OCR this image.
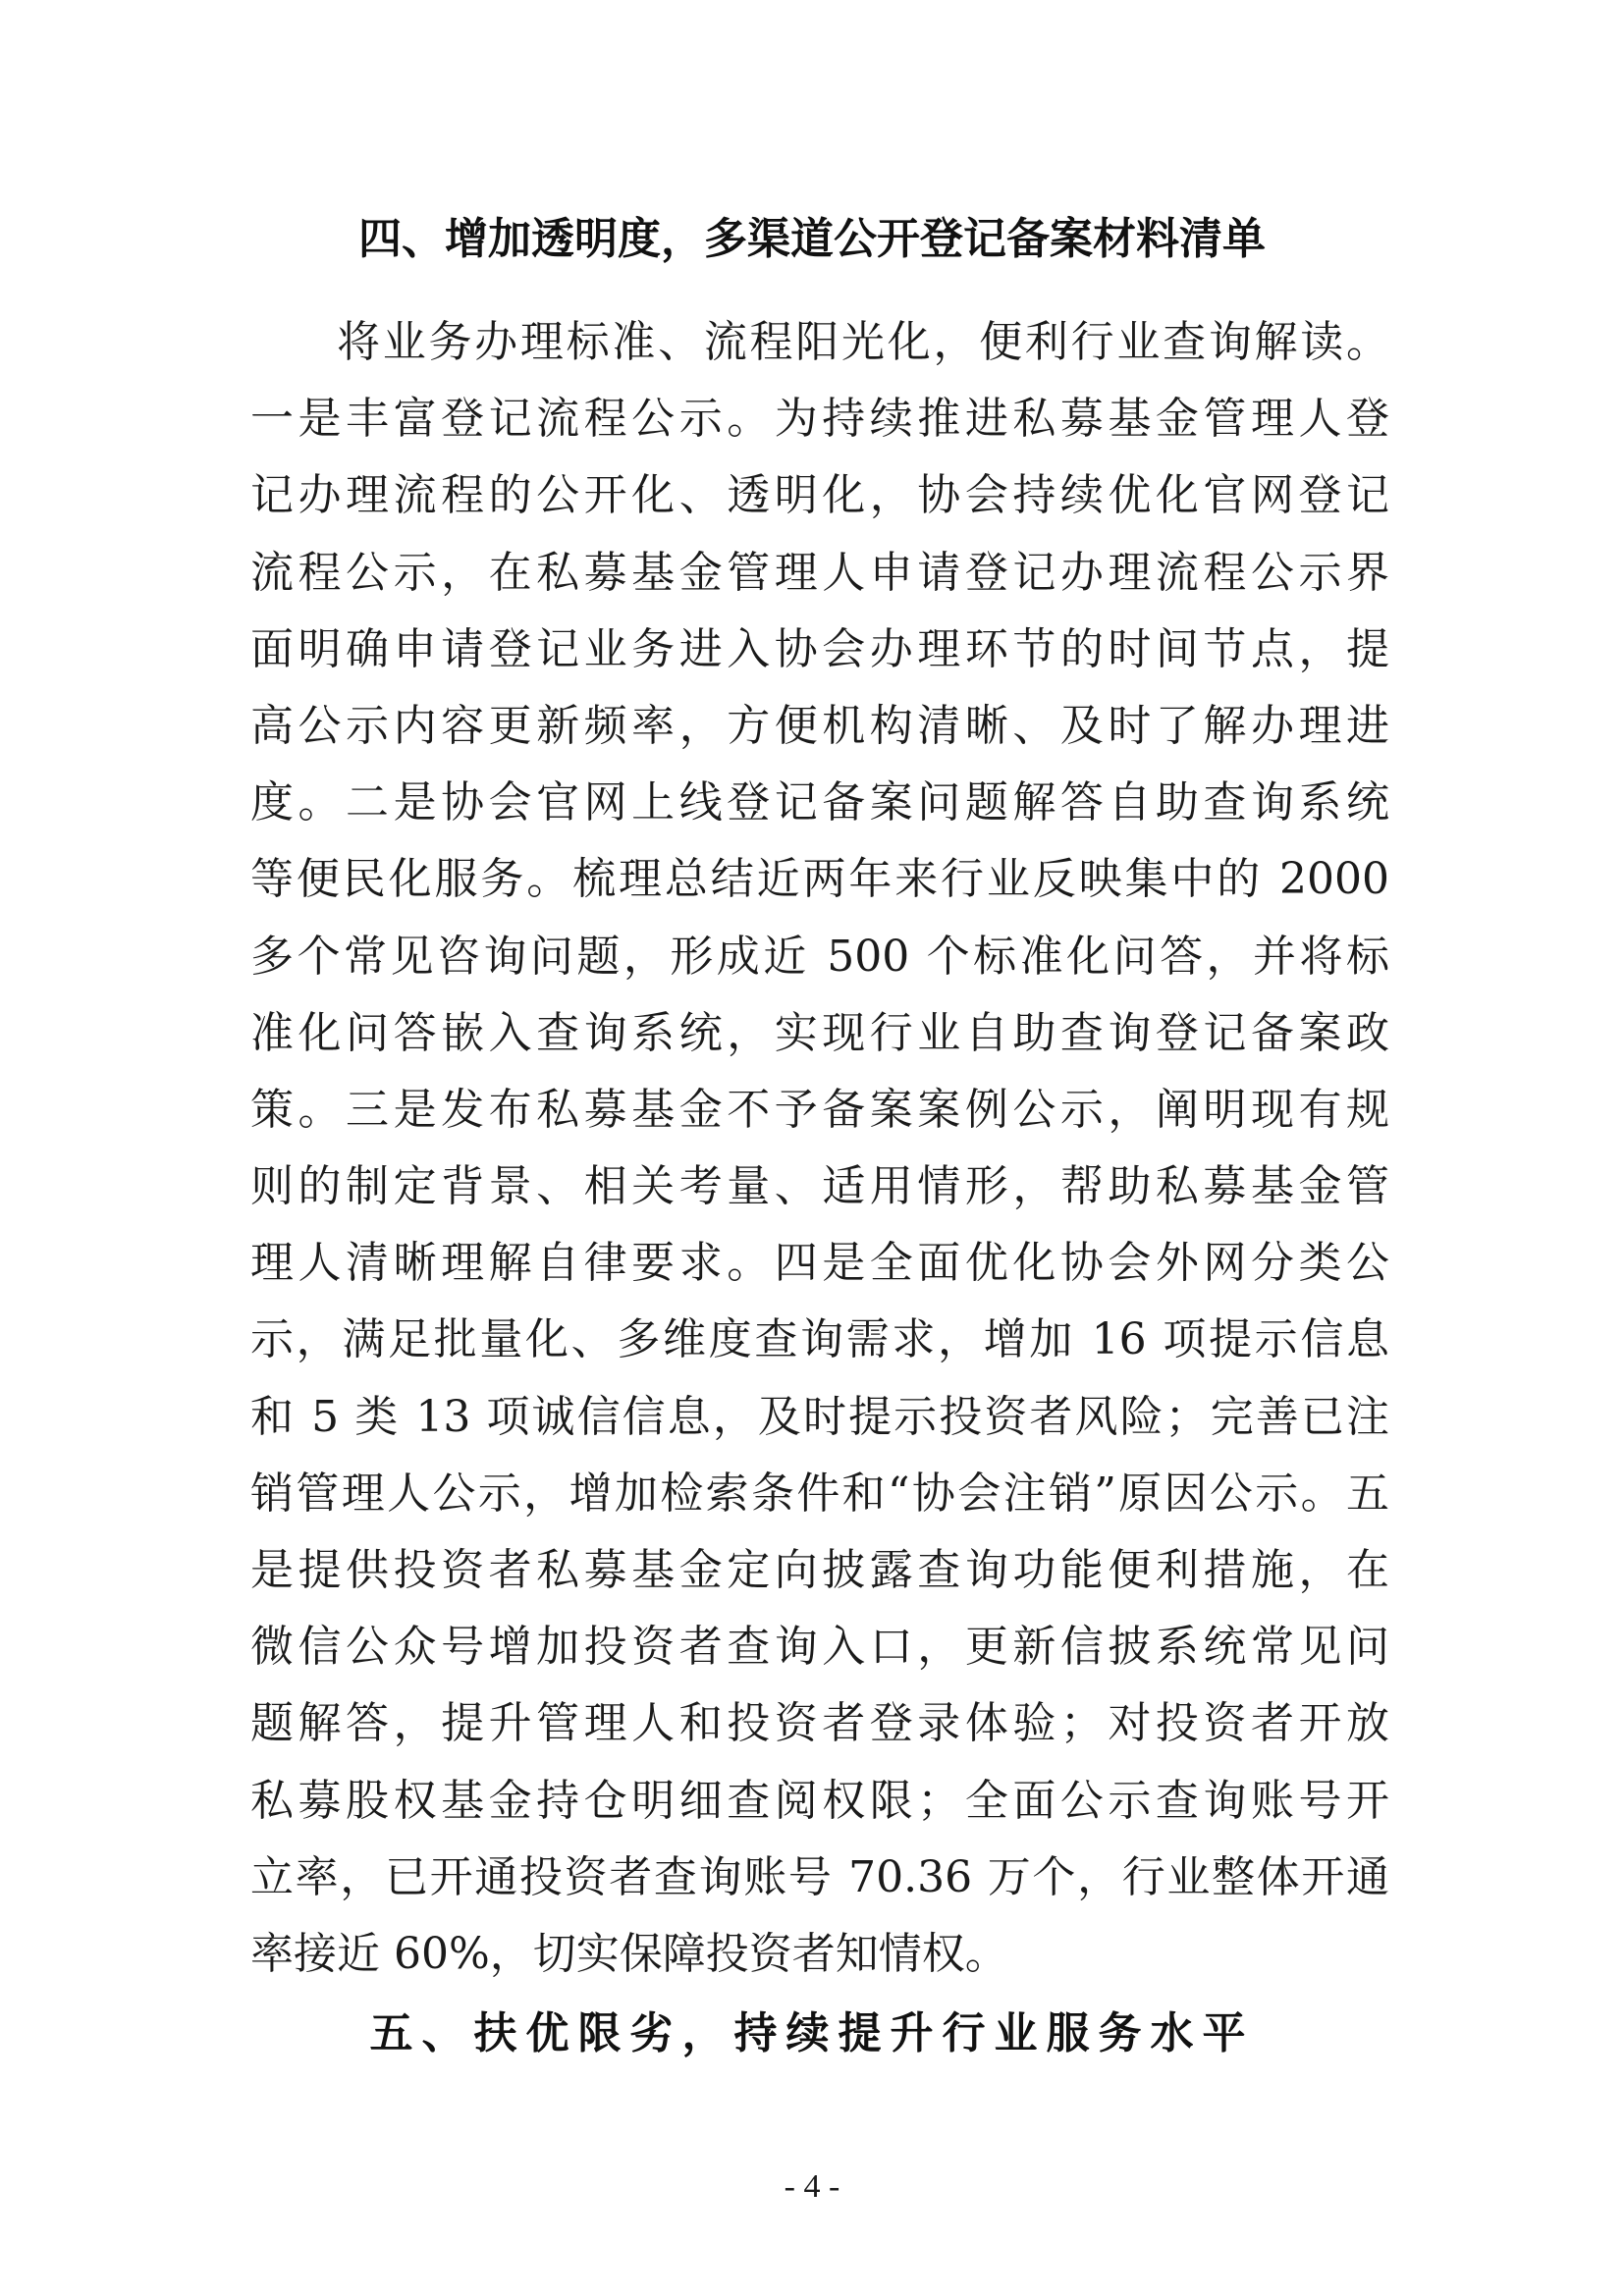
四、增加透明度，多渠道公开登记备案材料清单
将业务办理标准、流程阳光化，便利行业查询解读。
一是丰富登记流程公示。为持续推进私募基金管理人登
记办理流程的公开化、透明化，协会持续优化官网登记
流程公示，在私募基金管理人申请登记办理流程公示界
面明确申请登记业务进入协会办理环节的时间节点，提
高公示内容更新频率，方便机构清晰、及时了解办理进
度。二是协会官网上线登记备案问题解答自助查询系统
等便民化服务。梳理总结近两年来行业反映集中的 2000
多个常见咨询问题，形成近 500 个标准化问答，并将标
准化问答嵌入查询系统，实现行业自助查询登记备案政
策。三是发布私募基金不予备案案例公示，阐明现有规
则的制定背景、相关考量、适用情形，帮助私募基金管
理人清晰理解自律要求。四是全面优化协会外网分类公
示，满足批量化、多维度查询需求，增加 16 项提示信息
和 5 类 13 项诚信信息，及时提示投资者风险；完善已注
销管理人公示，增加检索条件和“协会注销”原因公示。五
是提供投资者私募基金定向披露查询功能便利措施，在
微信公众号增加投资者查询入口，更新信披系统常见问
题解答，提升管理人和投资者登录体验；对投资者开放
私募股权基金持仓明细查阅权限；全面公示查询账号开
立率，已开通投资者查询账号 70.36 万个，行业整体开通
率接近 60%，切实保障投资者知情权。
五、扶优限劣，持续提升行业服务水平
- 4 -
